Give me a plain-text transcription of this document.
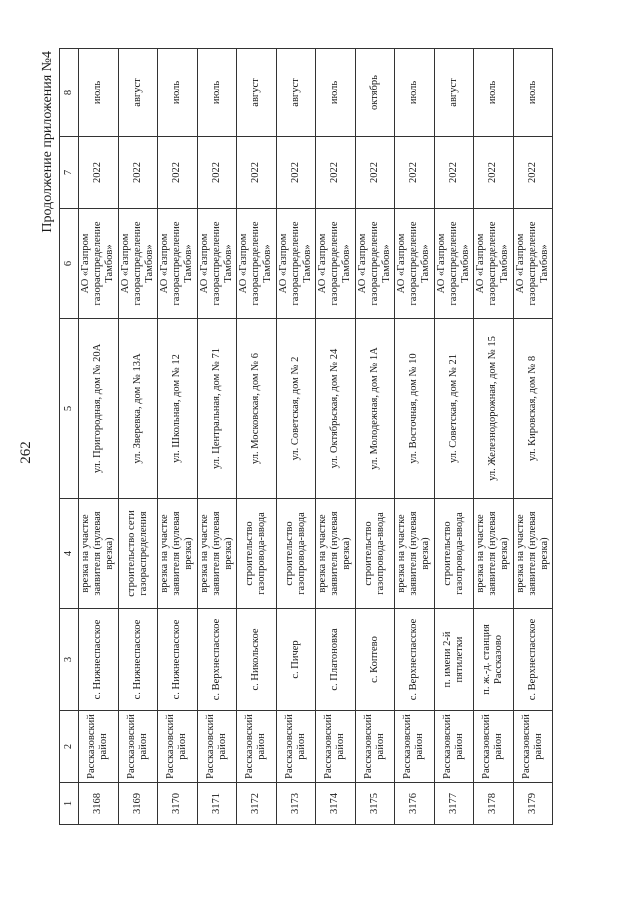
262
Продолжение приложения №4
1	2	3	4	5	6	7	8
3168	Рассказовский район	с. Нижнеспасское	врезка на участке заявителя (нулевая врезка)	ул. Пригородная, дом № 20А	АО «Газпром газораспределение Тамбов»	2022	июль
3169	Рассказовский район	с. Нижнеспасское	строительство сети газораспределения	ул. Зверевка, дом № 13А	АО «Газпром газораспределение Тамбов»	2022	август
3170	Рассказовский район	с. Нижнеспасское	врезка на участке заявителя (нулевая врезка)	ул. Школьная, дом № 12	АО «Газпром газораспределение Тамбов»	2022	июль
3171	Рассказовский район	с. Верхнеспасское	врезка на участке заявителя (нулевая врезка)	ул. Центральная, дом № 71	АО «Газпром газораспределение Тамбов»	2022	июль
3172	Рассказовский район	с. Никольское	строительство газопровода-ввода	ул. Московская, дом № 6	АО «Газпром газораспределение Тамбов»	2022	август
3173	Рассказовский район	с. Пичер	строительство газопровода-ввода	ул. Советская, дом № 2	АО «Газпром газораспределение Тамбов»	2022	август
3174	Рассказовский район	с. Платоновка	врезка на участке заявителя (нулевая врезка)	ул. Октябрьская, дом № 24	АО «Газпром газораспределение Тамбов»	2022	июль
3175	Рассказовский район	с. Коптево	строительство газопровода-ввода	ул. Молодежная, дом № 1А	АО «Газпром газораспределение Тамбов»	2022	октябрь
3176	Рассказовский район	с. Верхнеспасское	врезка на участке заявителя (нулевая врезка)	ул. Восточная, дом № 10	АО «Газпром газораспределение Тамбов»	2022	июль
3177	Рассказовский район	п. имени 2-й пятилетки	строительство газопровода-ввода	ул. Советская, дом № 21	АО «Газпром газораспределение Тамбов»	2022	август
3178	Рассказовский район	п. ж.-д. станция Рассказово	врезка на участке заявителя (нулевая врезка)	ул. Железнодорожная, дом № 15	АО «Газпром газораспределение Тамбов»	2022	июль
3179	Рассказовский район	с. Верхнеспасское	врезка на участке заявителя (нулевая врезка)	ул. Кировская, дом № 8	АО «Газпром газораспределение Тамбов»	2022	июль
